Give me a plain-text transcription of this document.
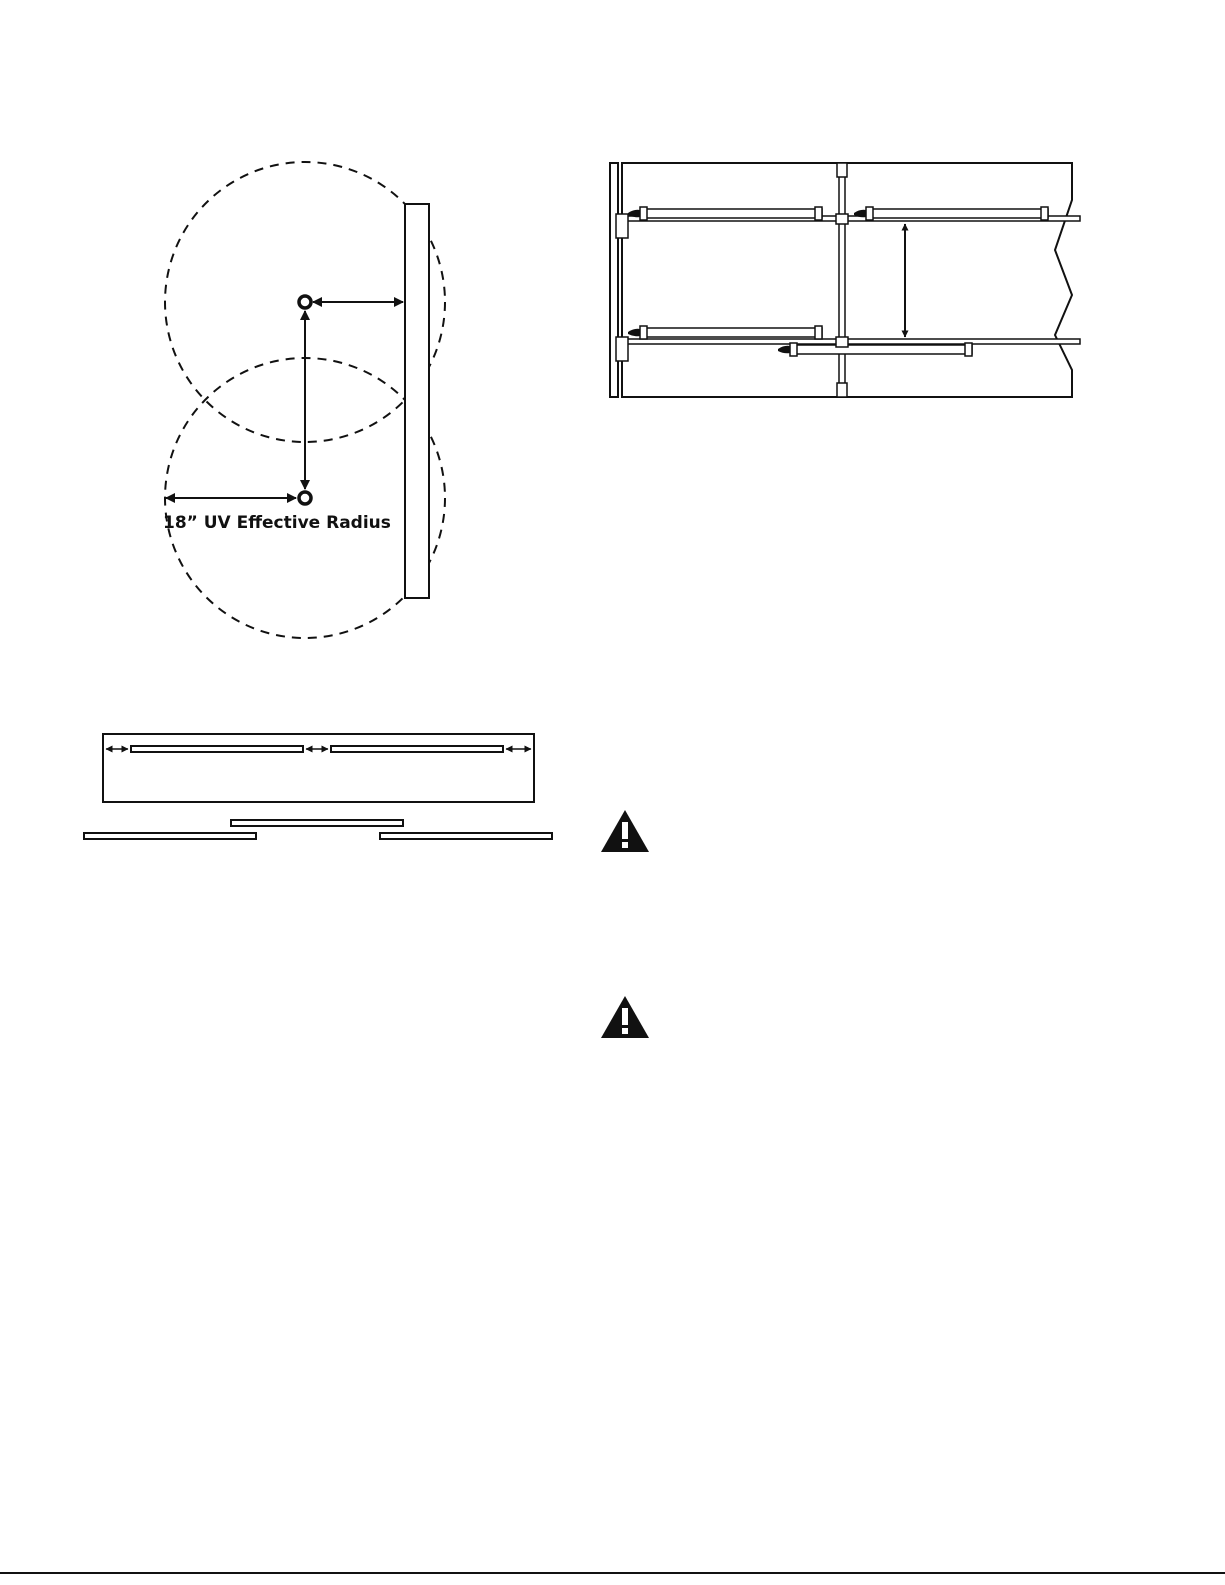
18” UV Effective Radius
